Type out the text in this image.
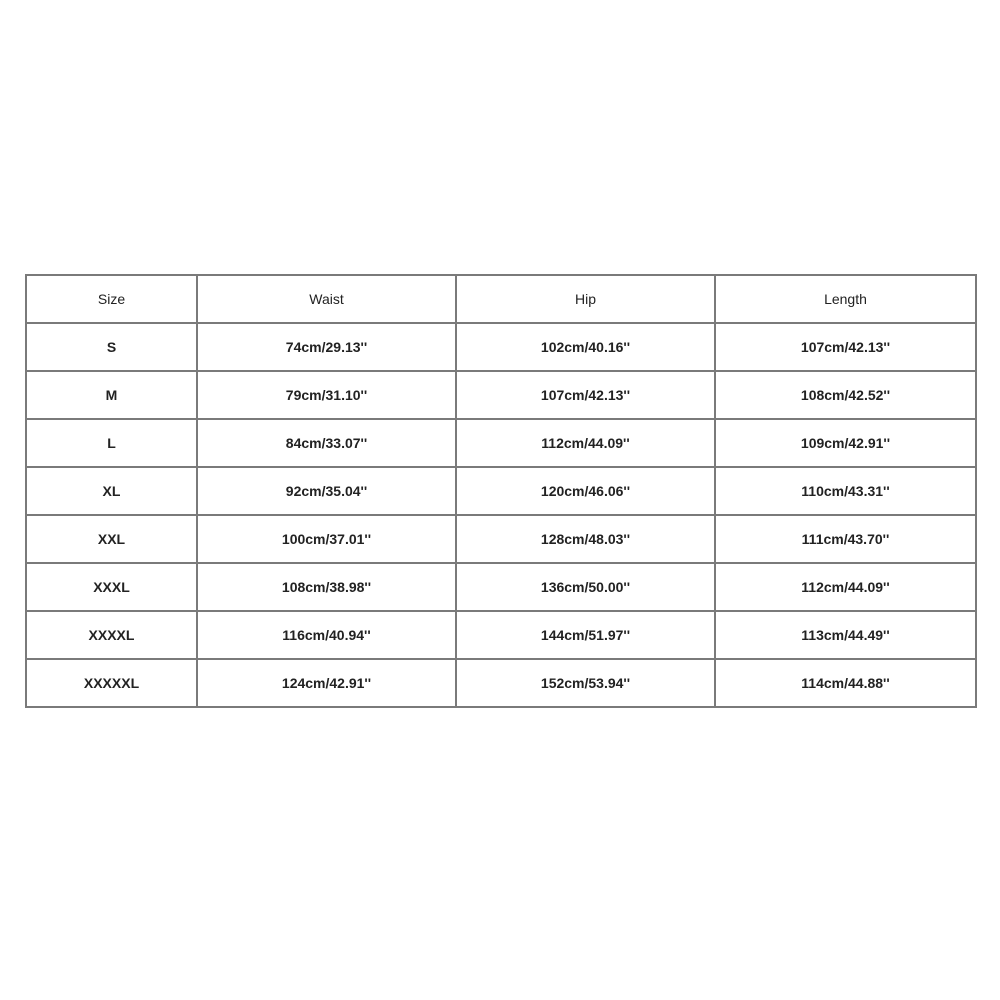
Size	Waist	Hip	Length
S	74cm/29.13''	102cm/40.16''	107cm/42.13''
M	79cm/31.10''	107cm/42.13''	108cm/42.52''
L	84cm/33.07''	112cm/44.09''	109cm/42.91''
XL	92cm/35.04''	120cm/46.06''	110cm/43.31''
XXL	100cm/37.01''	128cm/48.03''	111cm/43.70''
XXXL	108cm/38.98''	136cm/50.00''	112cm/44.09''
XXXXL	116cm/40.94''	144cm/51.97''	113cm/44.49''
XXXXXL	124cm/42.91''	152cm/53.94''	114cm/44.88''
